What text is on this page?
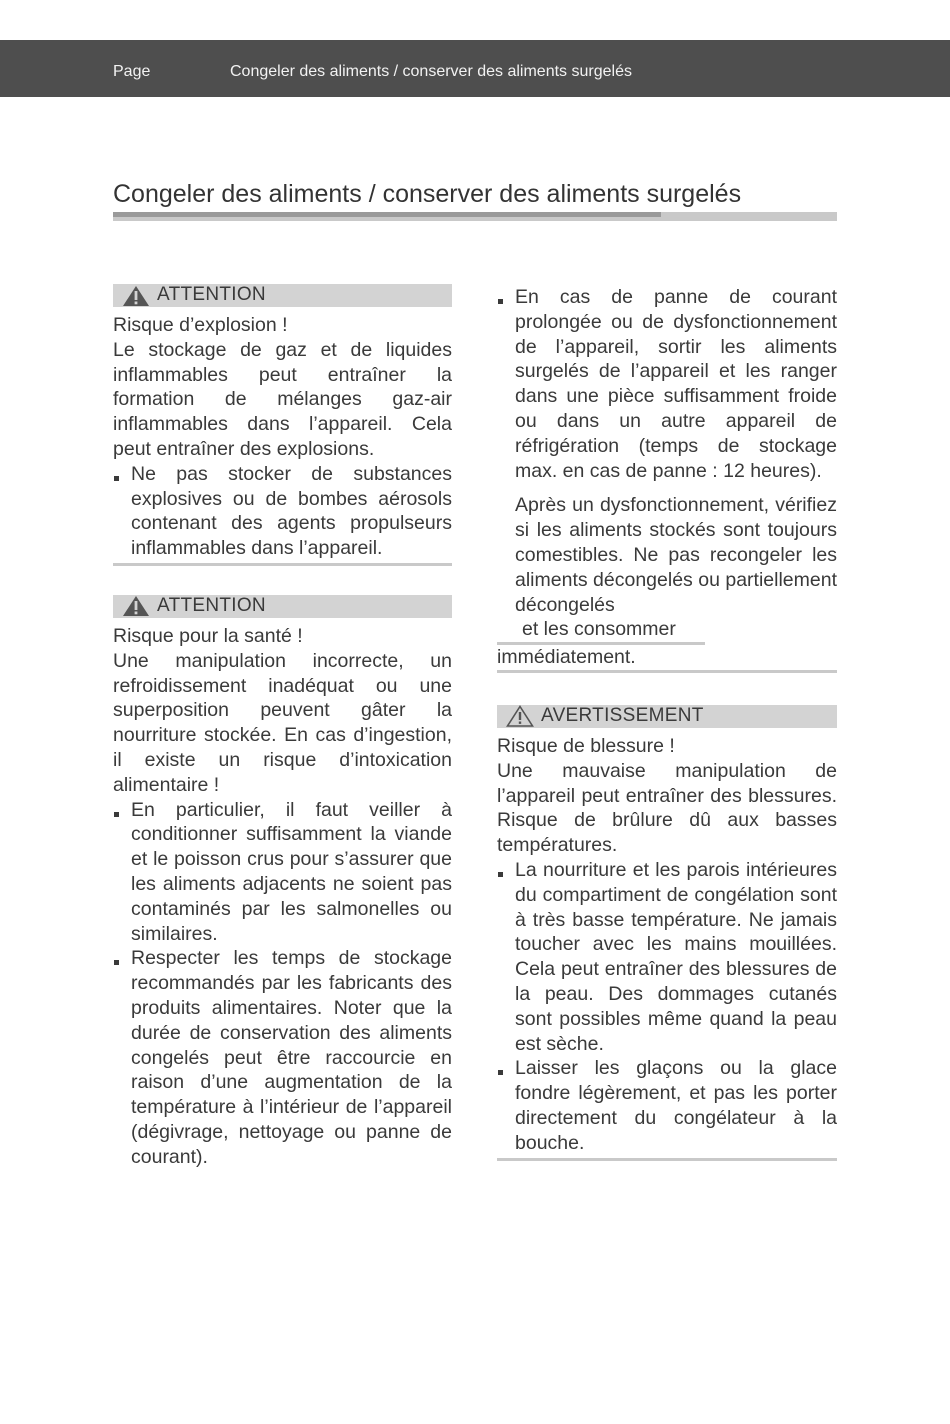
Page	Congeler des aliments / conserver des aliments surgelés
Congeler des aliments / conserver des aliments surgelés
ATTENTION

Risque d’explosion !

Le stockage de gaz et de liquides inflammables peut entraîner la formation de mélanges gaz-air inflammables dans l’appareil. Cela peut entraîner des explosions.

Ne pas stocker de substances explosives ou de bombes aérosols contenant des agents propulseurs inflammables dans l’appareil.
ATTENTION

Risque pour la santé !

Une manipulation incorrecte, un refroidissement inadéquat ou une superposition peuvent gâter la nourriture stockée. En cas d’ingestion, il existe un risque d’intoxication alimentaire !

En particulier, il faut veiller à conditionner suffisamment la viande et le poisson crus pour s’assurer que les aliments adjacents ne soient pas contaminés par les salmonelles ou similaires.
Respecter les temps de stockage recommandés par les fabricants des produits alimentaires. Noter que la durée de conservation des aliments congelés peut être raccourcie en raison d’une augmentation de la température à l’intérieur de l’appareil (dégivrage, nettoyage ou panne de courant).
En cas de panne de courant prolongée ou de dysfonctionnement de l’appareil, sortir les aliments surgelés de l’appareil et les ranger dans une pièce suffisamment froide ou dans un autre appareil de réfrigération (temps de stockage max. en cas de panne : 12 heures).

Après un dysfonctionnement, vérifiez si les aliments stockés sont toujours comestibles. Ne pas recongeler les aliments décongelés ou partiellement décongelés

et les consommer
immédiatement.
AVERTISSEMENT

Risque de blessure !

Une mauvaise manipulation de l’appareil peut entraîner des blessures. Risque de brûlure dû aux basses températures.

La nourriture et les parois intérieures du compartiment de congélation sont à très basse température. Ne jamais toucher avec les mains mouillées. Cela peut entraîner des blessures de la peau. Des dommages cutanés sont possibles même quand la peau est sèche.
Laisser les glaçons ou la glace fondre légèrement, et pas les porter directement du congélateur à la bouche.
